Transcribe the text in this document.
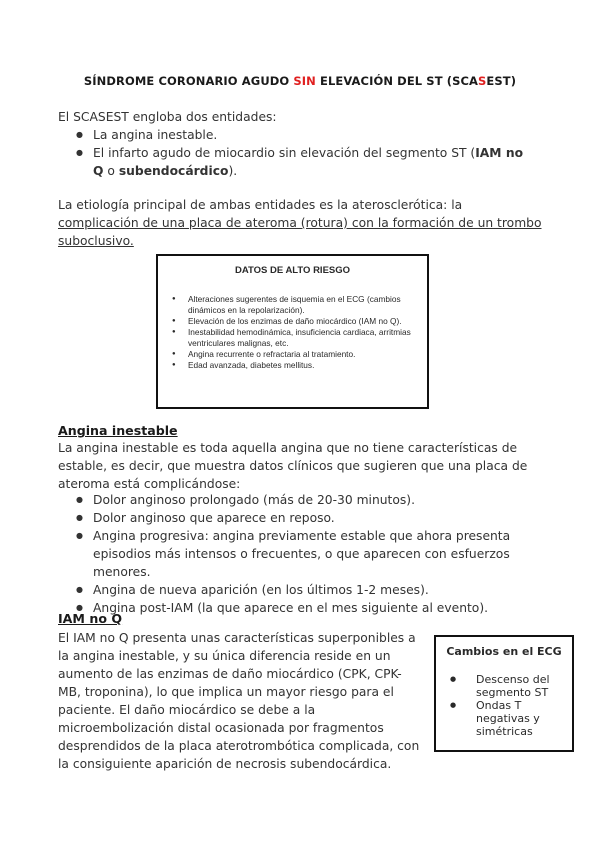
SÍNDROME CORONARIO AGUDO SIN ELEVACIÓN DEL ST (SCASEST)

El SCASEST engloba dos entidades:

● La angina inestable.
● El infarto agudo de miocardio sin elevación del segmento ST (IAM no Q o subendocárdico).

La etiología principal de ambas entidades es la aterosclerótica: la complicación de una placa de ateroma (rotura) con la formación de un trombo suboclusivo.

DATOS DE ALTO RIESGO
● Alteraciones sugerentes de isquemia en el ECG (cambios dinámicos en la repolarización).
● Elevación de los enzimas de daño miocárdico (IAM no Q).
● Inestabilidad hemodinámica, insuficiencia cardiaca, arritmias ventriculares malignas, etc.
● Angina recurrente o refractaria al tratamiento.
● Edad avanzada, diabetes mellitus.
Angina inestable

La angina inestable es toda aquella angina que no tiene características de estable, es decir, que muestra datos clínicos que sugieren que una placa de ateroma está complicándose:

● Dolor anginoso prolongado (más de 20-30 minutos).
● Dolor anginoso que aparece en reposo.
● Angina progresiva: angina previamente estable que ahora presenta episodios más intensos o frecuentes, o que aparecen con esfuerzos menores.
● Angina de nueva aparición (en los últimos 1-2 meses).
● Angina post-IAM (la que aparece en el mes siguiente al evento).
IAM no Q

El IAM no Q presenta unas características superponibles a la angina inestable, y su única diferencia reside en un aumento de las enzimas de daño miocárdico (CPK, CPK-MB, troponina), lo que implica un mayor riesgo para el paciente. El daño miocárdico se debe a la microembolización distal ocasionada por fragmentos desprendidos de la placa aterotrombótica complicada, con la consiguiente aparición de necrosis subendocárdica.

Cambios en el ECG
● Descenso del segmento ST
● Ondas T negativas y simétricas
